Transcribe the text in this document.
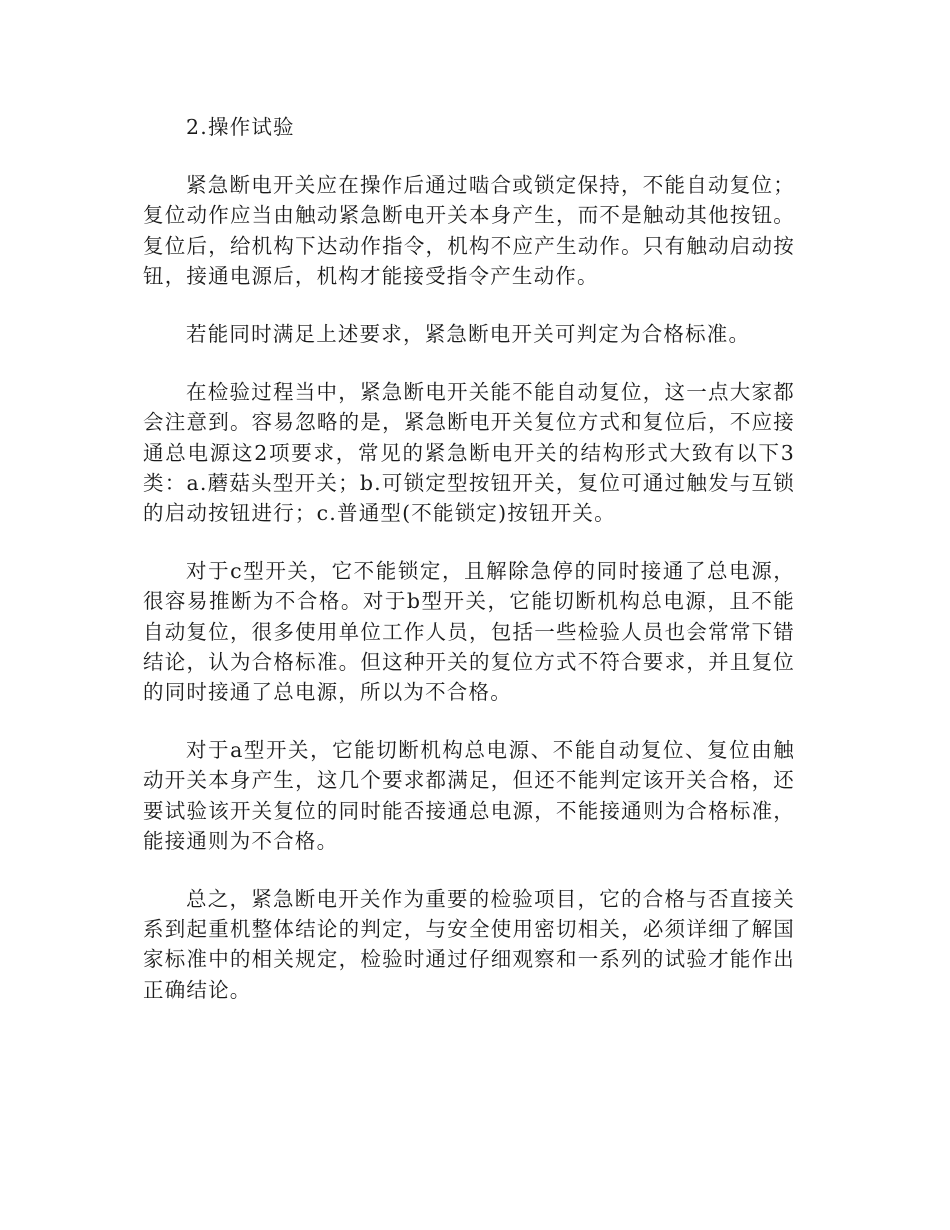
2.操作试验

紧急断电开关应在操作后通过啮合或锁定保持，不能自动复位；复位动作应当由触动紧急断电开关本身产生，而不是触动其他按钮。复位后，给机构下达动作指令，机构不应产生动作。只有触动启动按钮，接通电源后，机构才能接受指令产生动作。

若能同时满足上述要求，紧急断电开关可判定为合格标准。

在检验过程当中，紧急断电开关能不能自动复位，这一点大家都会注意到。容易忽略的是，紧急断电开关复位方式和复位后，不应接通总电源这2项要求，常见的紧急断电开关的结构形式大致有以下3类：a.蘑菇头型开关；b.可锁定型按钮开关，复位可通过触发与互锁的启动按钮进行；c.普通型(不能锁定)按钮开关。

对于c型开关，它不能锁定，且解除急停的同时接通了总电源，很容易推断为不合格。对于b型开关，它能切断机构总电源，且不能自动复位，很多使用单位工作人员，包括一些检验人员也会常常下错结论，认为合格标准。但这种开关的复位方式不符合要求，并且复位的同时接通了总电源，所以为不合格。

对于a型开关，它能切断机构总电源、不能自动复位、复位由触动开关本身产生，这几个要求都满足，但还不能判定该开关合格，还要试验该开关复位的同时能否接通总电源，不能接通则为合格标准，能接通则为不合格。

总之，紧急断电开关作为重要的检验项目，它的合格与否直接关系到起重机整体结论的判定，与安全使用密切相关，必须详细了解国家标准中的相关规定，检验时通过仔细观察和一系列的试验才能作出正确结论。
